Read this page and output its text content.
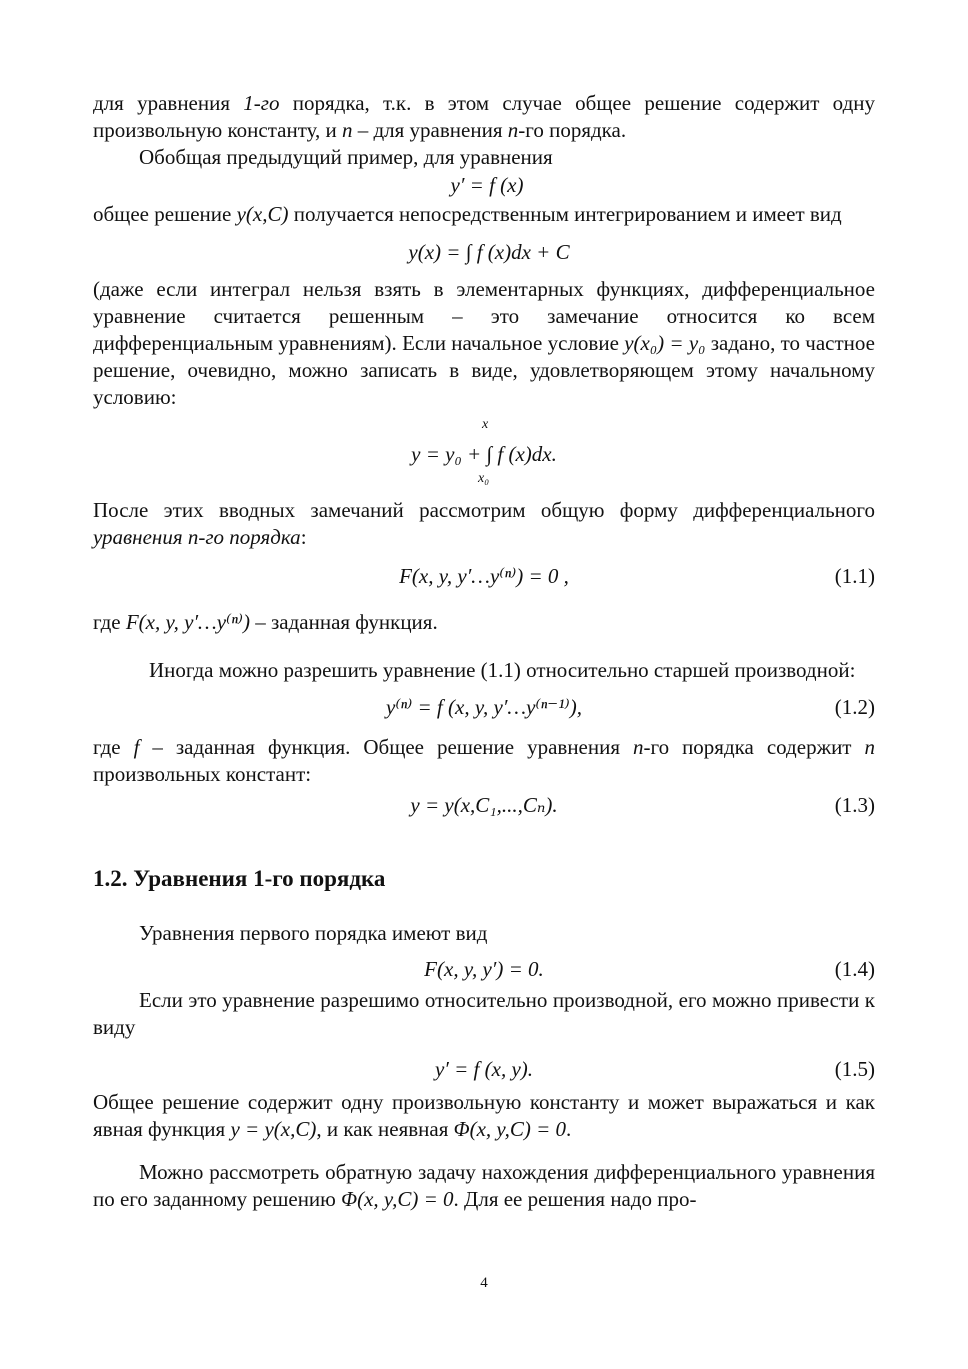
для уравнения 1-го порядка, т.к. в этом случае общее решение содержит одну произвольную константу, и n – для уравнения n-го порядка.

Обобщая предыдущий пример, для уравнения

y′ = f (x)

общее решение y(x,C) получается непосредственным интегрированием и имеет вид

y(x) = ∫ f (x)dx + C

(даже если интеграл нельзя взять в элементарных функциях, дифференциальное уравнение считается решенным – это замечание относится ко всем дифференциальным уравнениям). Если начальное условие y(x₀) = y₀ задано, то частное решение, очевидно, можно записать в виде, удовлетворяющем этому начальному условию:

x
y = y₀ + ∫ f (x)dx.
x₀

После этих вводных замечаний рассмотрим общую форму дифференциального уравнения n-го порядка:

F(x, y, y′…y⁽ⁿ⁾) = 0 ,	(1.1)

где F(x, y, y′…y⁽ⁿ⁾) – заданная функция.

Иногда можно разрешить уравнение (1.1) относительно старшей производной:

y⁽ⁿ⁾ = f (x, y, y′…y⁽ⁿ⁻¹⁾),	(1.2)

где f – заданная функция. Общее решение уравнения n-го порядка содержит n произвольных констант:

y = y(x,C₁,...,Cₙ).	(1.3)
1.2. Уравнения 1-го порядка

Уравнения первого порядка имеют вид

F(x, y, y′) = 0.	(1.4)

Если это уравнение разрешимо относительно производной, его можно привести к виду

y′ = f (x, y).	(1.5)

Общее решение содержит одну произвольную константу и может выражаться и как явная функция y = y(x,C), и как неявная Φ(x, y,C) = 0.

Можно рассмотреть обратную задачу нахождения дифференциального уравнения по его заданному решению Φ(x, y,C) = 0. Для ее решения надо про-

4
